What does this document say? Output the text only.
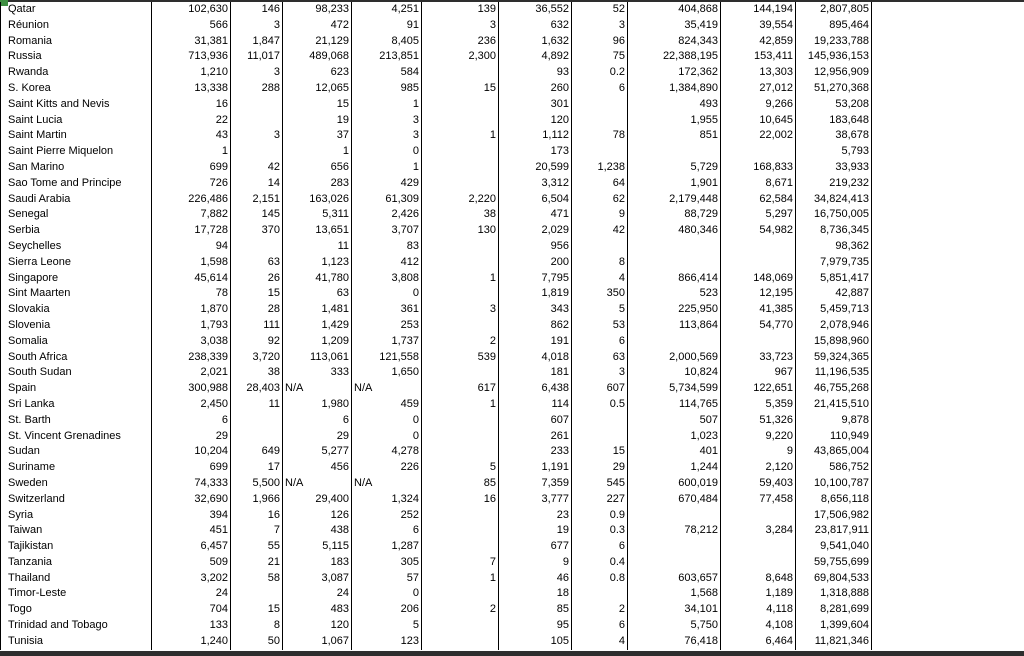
Qatar	102,630	146	98,233	4,251	139	36,552	52	404,868	144,194	2,807,805
Réunion	566	3	472	91	3	632	3	35,419	39,554	895,464
Romania	31,381	1,847	21,129	8,405	236	1,632	96	824,343	42,859	19,233,788
Russia	713,936	11,017	489,068	213,851	2,300	4,892	75	22,388,195	153,411	145,936,153
Rwanda	1,210	3	623	584		93	0.2	172,362	13,303	12,956,909
S. Korea	13,338	288	12,065	985	15	260	6	1,384,890	27,012	51,270,368
Saint Kitts and Nevis	16		15	1		301		493	9,266	53,208
Saint Lucia	22		19	3		120		1,955	10,645	183,648
Saint Martin	43	3	37	3	1	1,112	78	851	22,002	38,678
Saint Pierre Miquelon	1		1	0		173				5,793
San Marino	699	42	656	1		20,599	1,238	5,729	168,833	33,933
Sao Tome and Principe	726	14	283	429		3,312	64	1,901	8,671	219,232
Saudi Arabia	226,486	2,151	163,026	61,309	2,220	6,504	62	2,179,448	62,584	34,824,413
Senegal	7,882	145	5,311	2,426	38	471	9	88,729	5,297	16,750,005
Serbia	17,728	370	13,651	3,707	130	2,029	42	480,346	54,982	8,736,345
Seychelles	94		11	83		956				98,362
Sierra Leone	1,598	63	1,123	412		200	8			7,979,735
Singapore	45,614	26	41,780	3,808	1	7,795	4	866,414	148,069	5,851,417
Sint Maarten	78	15	63	0		1,819	350	523	12,195	42,887
Slovakia	1,870	28	1,481	361	3	343	5	225,950	41,385	5,459,713
Slovenia	1,793	111	1,429	253		862	53	113,864	54,770	2,078,946
Somalia	3,038	92	1,209	1,737	2	191	6			15,898,960
South Africa	238,339	3,720	113,061	121,558	539	4,018	63	2,000,569	33,723	59,324,365
South Sudan	2,021	38	333	1,650		181	3	10,824	967	11,196,535
Spain	300,988	28,403	N/A	N/A	617	6,438	607	5,734,599	122,651	46,755,268
Sri Lanka	2,450	11	1,980	459	1	114	0.5	114,765	5,359	21,415,510
St. Barth	6		6	0		607		507	51,326	9,878
St. Vincent Grenadines	29		29	0		261		1,023	9,220	110,949
Sudan	10,204	649	5,277	4,278		233	15	401	9	43,865,004
Suriname	699	17	456	226	5	1,191	29	1,244	2,120	586,752
Sweden	74,333	5,500	N/A	N/A	85	7,359	545	600,019	59,403	10,100,787
Switzerland	32,690	1,966	29,400	1,324	16	3,777	227	670,484	77,458	8,656,118
Syria	394	16	126	252		23	0.9			17,506,982
Taiwan	451	7	438	6		19	0.3	78,212	3,284	23,817,911
Tajikistan	6,457	55	5,115	1,287		677	6			9,541,040
Tanzania	509	21	183	305	7	9	0.4			59,755,699
Thailand	3,202	58	3,087	57	1	46	0.8	603,657	8,648	69,804,533
Timor-Leste	24		24	0		18		1,568	1,189	1,318,888
Togo	704	15	483	206	2	85	2	34,101	4,118	8,281,699
Trinidad and Tobago	133	8	120	5		95	6	5,750	4,108	1,399,604
Tunisia	1,240	50	1,067	123		105	4	76,418	6,464	11,821,346
